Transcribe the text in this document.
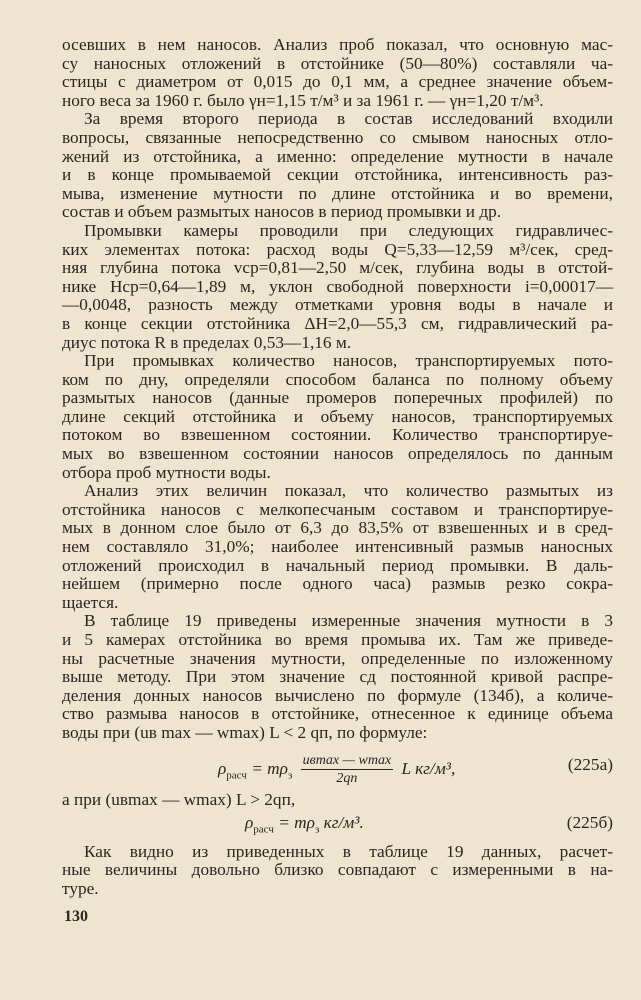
осевших в нем наносов. Анализ проб показал, что основную мас-
су наносных отложений в отстойнике (50—80%) составляли ча-
стицы с диаметром от 0,015 до 0,1 мм, а среднее значение объем-
ного веса за 1960 г. было γн=1,15 т/м³ и за 1961 г. — γн=1,20 т/м³.
За время второго периода в состав исследований входили
вопросы, связанные непосредственно со смывом наносных отло-
жений из отстойника, а именно: определение мутности в начале
и в конце промываемой секции отстойника, интенсивность раз-
мыва, изменение мутности по длине отстойника и во времени,
состав и объем размытых наносов в период промывки и др.
Промывки камеры проводили при следующих гидравличес-
ких элементах потока: расход воды Q=5,33—12,59 м³/сек, сред-
няя глубина потока vср=0,81—2,50 м/сек, глубина воды в отстой-
нике Hср=0,64—1,89 м, уклон свободной поверхности i=0,00017—
—0,0048, разность между отметками уровня воды в начале и
в конце секции отстойника ΔH=2,0—55,3 см, гидравлический ра-
диус потока R в пределах 0,53—1,16 м.
При промывках количество наносов, транспортируемых пото-
ком по дну, определяли способом баланса по полному объему
размытых наносов (данные промеров поперечных профилей) по
длине секций отстойника и объему наносов, транспортируемых
потоком во взвешенном состоянии. Количество транспортируе-
мых во взвешенном состоянии наносов определялось по данным
отбора проб мутности воды.
Анализ этих величин показал, что количество размытых из
отстойника наносов с мелкопесчаным составом и транспортируе-
мых в донном слое было от 6,3 до 83,5% от взвешенных и в сред-
нем составляло 31,0%; наиболее интенсивный размыв наносных
отложений происходил в начальный период промывки. В даль-
нейшем (примерно после одного часа) размыв резко сокра-
щается.
В таблице 19 приведены измеренные значения мутности в 3
и 5 камерах отстойника во время промыва их. Там же приведе-
ны расчетные значения мутности, определенные по изложенному
выше методу. При этом значение cд постоянной кривой распре-
деления донных наносов вычислено по формуле (134б), а количе-
ство размыва наносов в отстойнике, отнесенное к единице объема
воды при (uв max — wmax) L < 2 qп, по формуле:
$\rho_{расч} = m\rho_з \frac{uв\max — wmax}{2qп}$ L кг/м³,	(225а)
а при (uвmax — wmax) L > 2qп,
$\rho_{расч} = m\rho_з$ кг/м³.	(225б)
Как видно из приведенных в таблице 19 данных, расчет-
ные величины довольно близко совпадают с измеренными в на-
туре.
130
